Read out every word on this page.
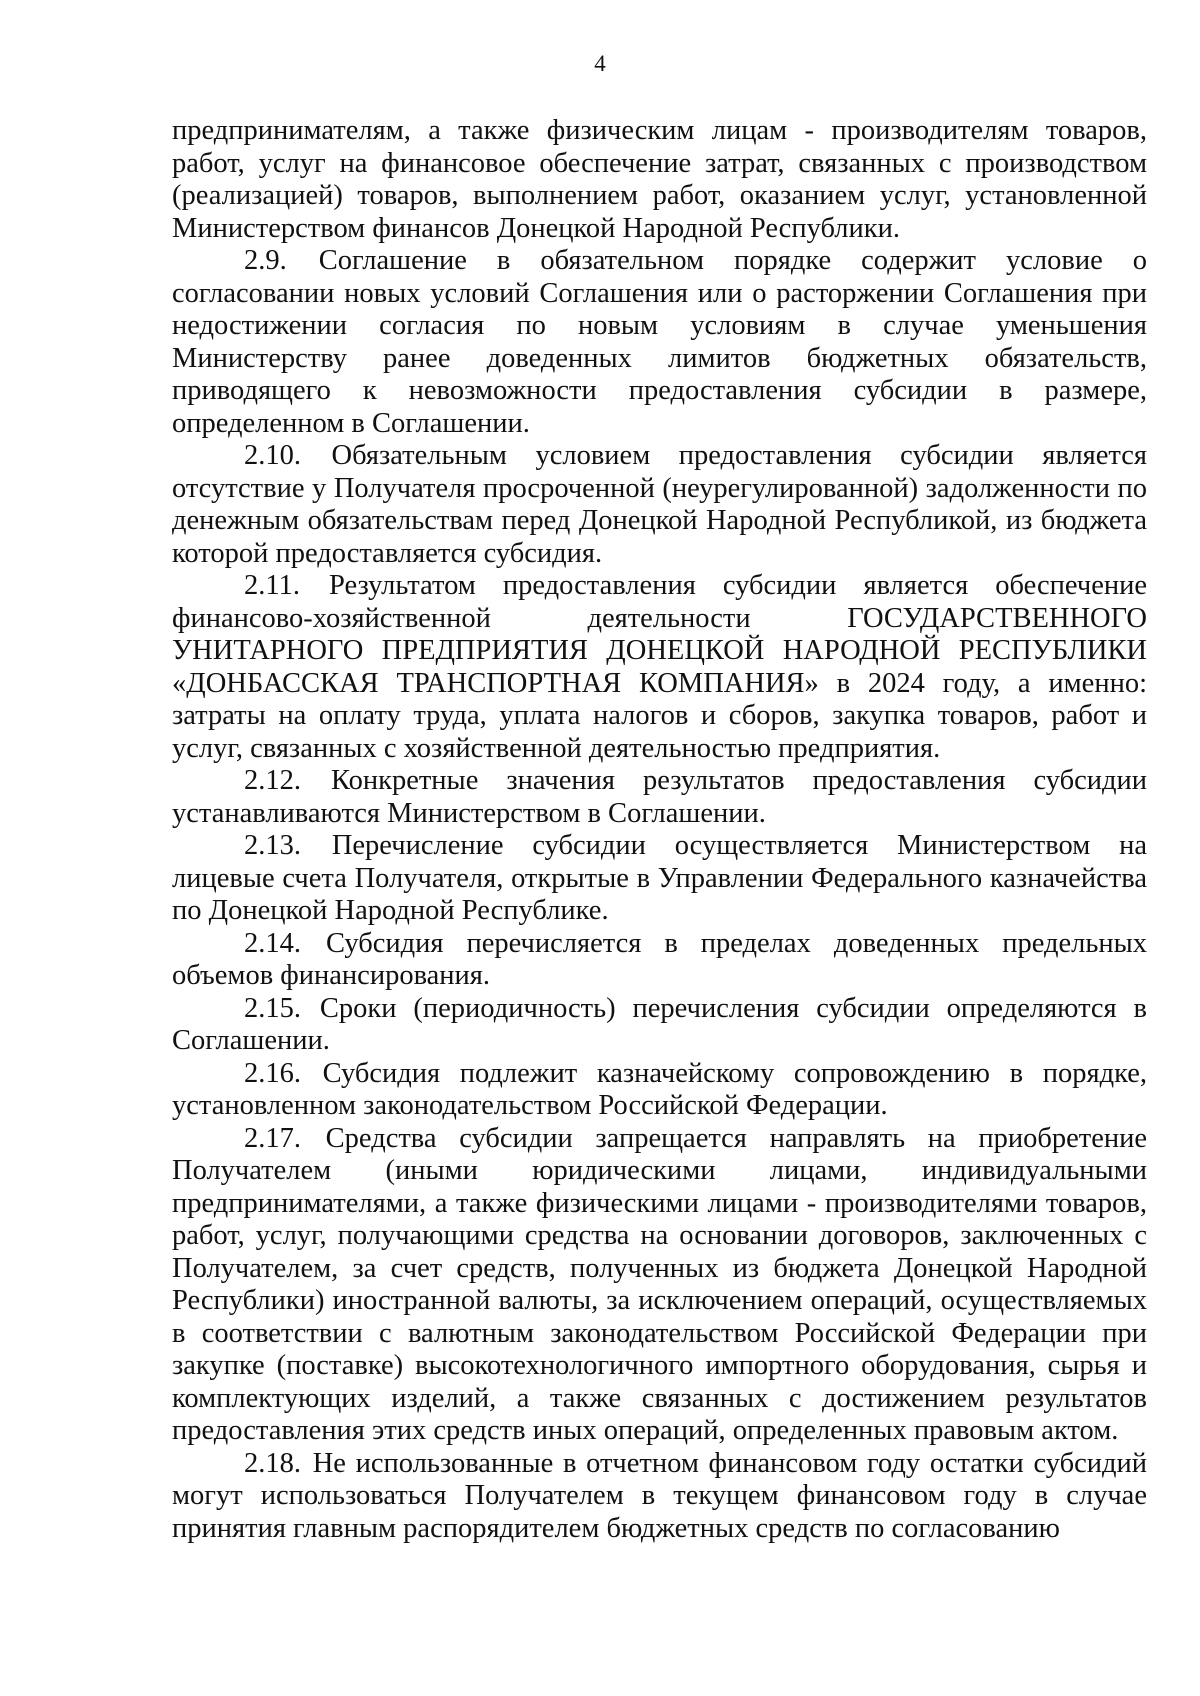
4

предпринимателям, а также физическим лицам - производителям товаров, работ, услуг на финансовое обеспечение затрат, связанных с производством (реализацией) товаров, выполнением работ, оказанием услуг, установленной Министерством финансов Донецкой Народной Республики.

2.9. Соглашение в обязательном порядке содержит условие о согласовании новых условий Соглашения или о расторжении Соглашения при недостижении согласия по новым условиям в случае уменьшения Министерству ранее доведенных лимитов бюджетных обязательств, приводящего к невозможности предоставления субсидии в размере, определенном в Соглашении.

2.10. Обязательным условием предоставления субсидии является отсутствие у Получателя просроченной (неурегулированной) задолженности по денежным обязательствам перед Донецкой Народной Республикой, из бюджета которой предоставляется субсидия.

2.11. Результатом предоставления субсидии является обеспечение финансово-хозяйственной деятельности ГОСУДАРСТВЕННОГО УНИТАРНОГО ПРЕДПРИЯТИЯ ДОНЕЦКОЙ НАРОДНОЙ РЕСПУБЛИКИ «ДОНБАССКАЯ ТРАНСПОРТНАЯ КОМПАНИЯ» в 2024 году, а именно: затраты на оплату труда, уплата налогов и сборов, закупка товаров, работ и услуг, связанных с хозяйственной деятельностью предприятия.

2.12. Конкретные значения результатов предоставления субсидии устанавливаются Министерством в Соглашении.

2.13. Перечисление субсидии осуществляется Министерством на лицевые счета Получателя, открытые в Управлении Федерального казначейства по Донецкой Народной Республике.

2.14. Субсидия перечисляется в пределах доведенных предельных объемов финансирования.

2.15. Сроки (периодичность) перечисления субсидии определяются в Соглашении.

2.16. Субсидия подлежит казначейскому сопровождению в порядке, установленном законодательством Российской Федерации.

2.17. Средства субсидии запрещается направлять на приобретение Получателем (иными юридическими лицами, индивидуальными предпринимателями, а также физическими лицами - производителями товаров, работ, услуг, получающими средства на основании договоров, заключенных с Получателем, за счет средств, полученных из бюджета Донецкой Народной Республики) иностранной валюты, за исключением операций, осуществляемых в соответствии с валютным законодательством Российской Федерации при закупке (поставке) высокотехнологичного импортного оборудования, сырья и комплектующих изделий, а также связанных с достижением результатов предоставления этих средств иных операций, определенных правовым актом.

2.18. Не использованные в отчетном финансовом году остатки субсидий могут использоваться Получателем в текущем финансовом году в случае принятия главным распорядителем бюджетных средств по согласованию
